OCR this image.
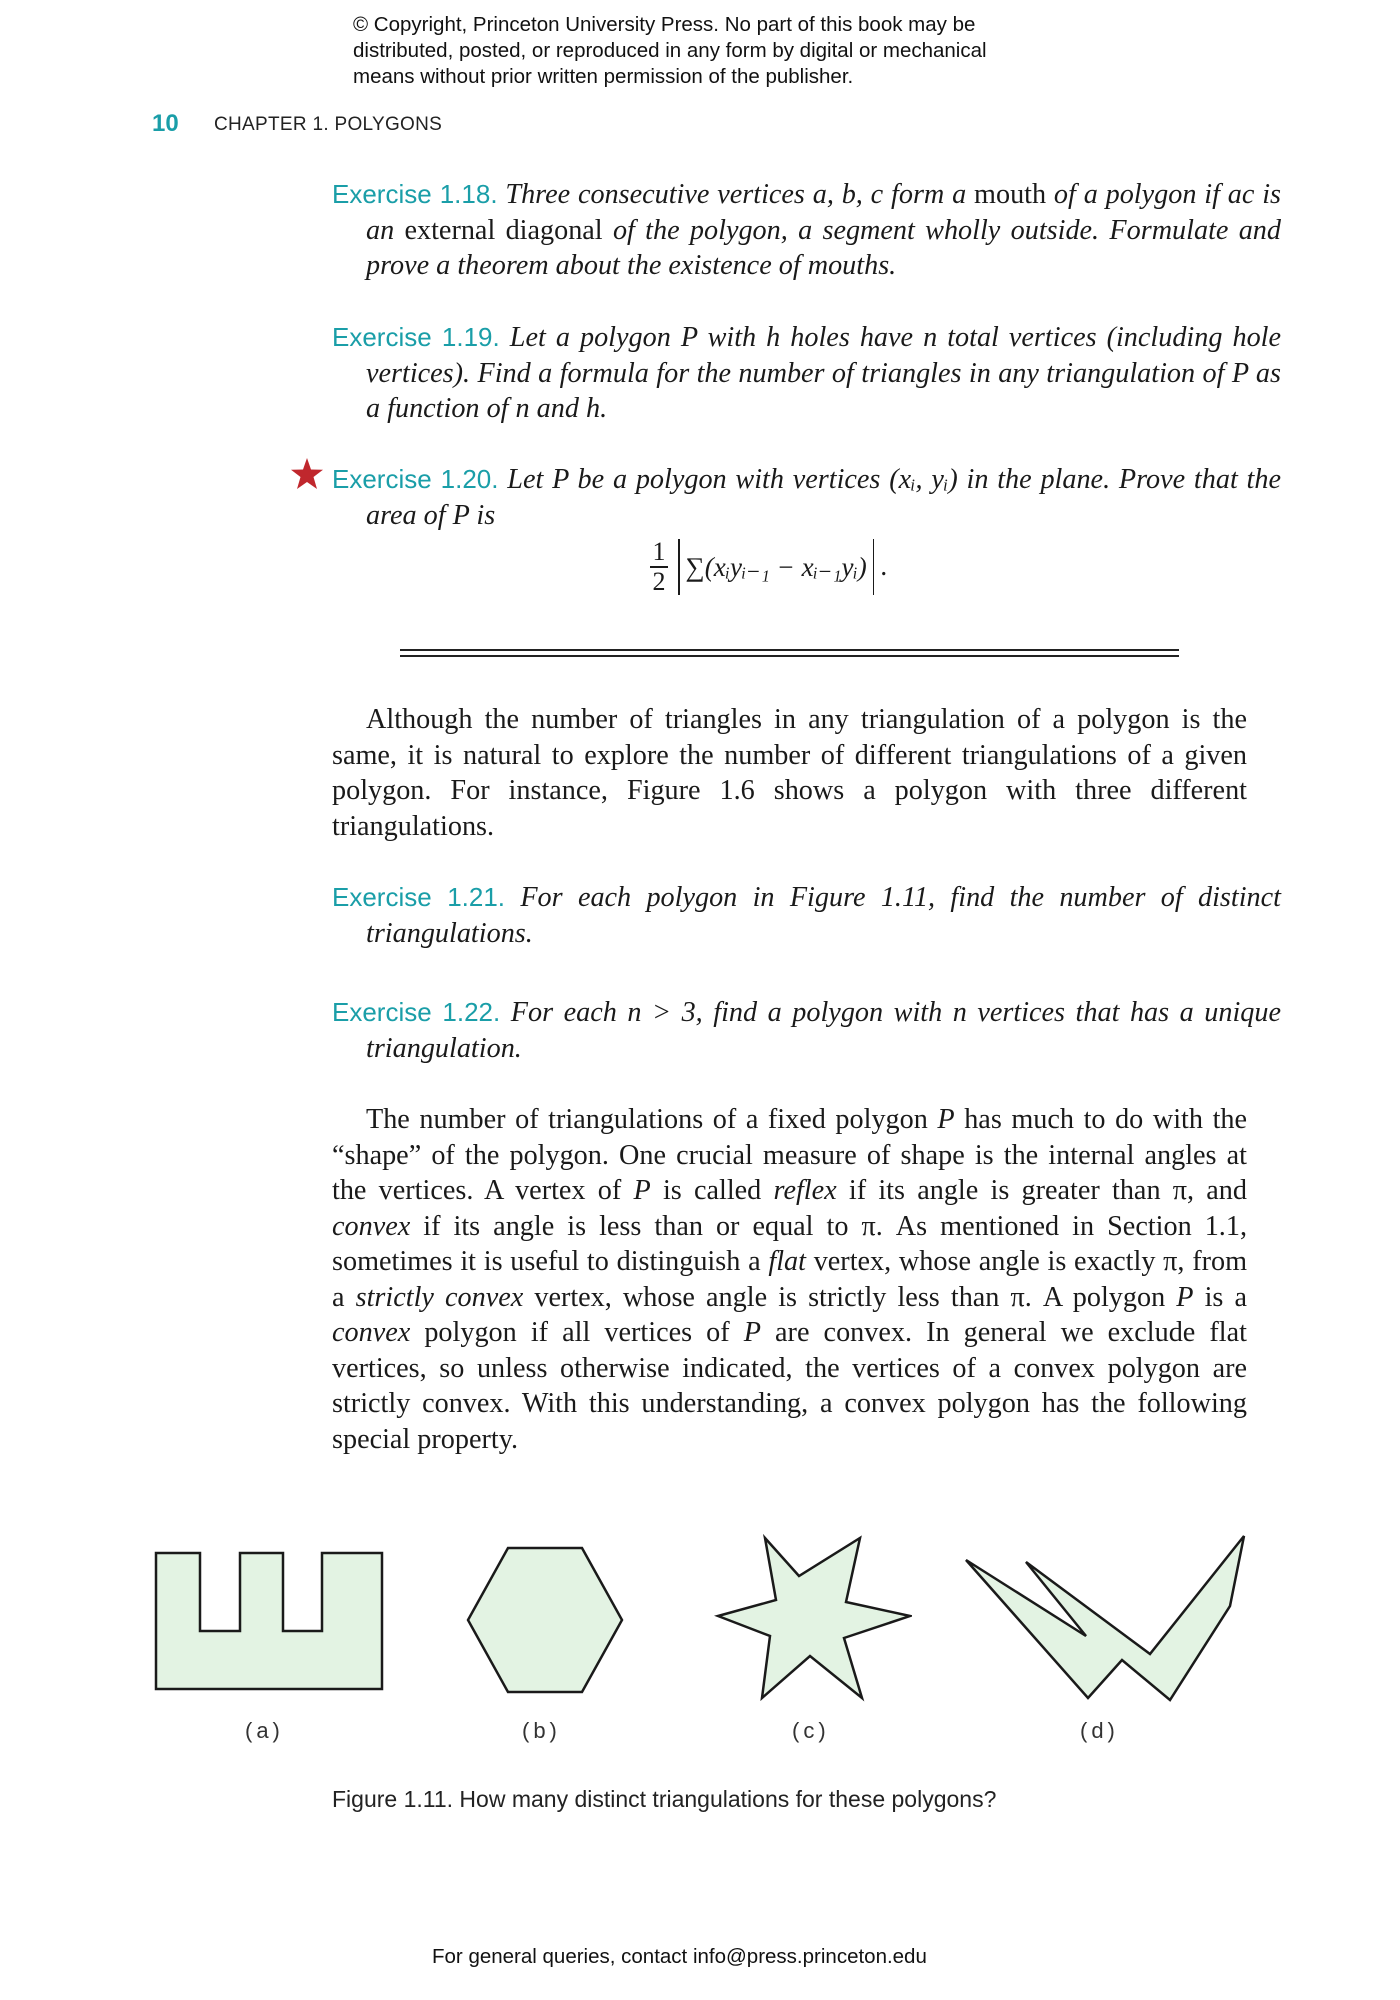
© Copyright, Princeton University Press. No part of this book may be
distributed, posted, or reproduced in any form by digital or mechanical
means without prior written permission of the publisher.
10 CHAPTER 1. POLYGONS
Exercise 1.18. Three consecutive vertices a, b, c form a mouth of a polygon if ac is an external diagonal of the polygon, a segment wholly outside. Formulate and prove a theorem about the existence of mouths.
Exercise 1.19. Let a polygon P with h holes have n total vertices (including hole vertices). Find a formula for the number of triangles in any triangulation of P as a function of n and h.
Exercise 1.20. Let P be a polygon with vertices (xᵢ, yᵢ) in the plane. Prove that the area of P is
1
2 ∑(xᵢyᵢ₋₁ − xᵢ₋₁yᵢ) .
Although the number of triangles in any triangulation of a polygon is the same, it is natural to explore the number of different triangulations of a given polygon. For instance, Figure 1.6 shows a polygon with three different triangulations.
Exercise 1.21. For each polygon in Figure 1.11, find the number of distinct triangulations.
Exercise 1.22. For each n > 3, find a polygon with n vertices that has a unique triangulation.
The number of triangulations of a fixed polygon P has much to do with the “shape” of the polygon. One crucial measure of shape is the internal angles at the vertices. A vertex of P is called reflex if its angle is greater than π, and convex if its angle is less than or equal to π. As mentioned in Section 1.1, sometimes it is useful to distinguish a flat vertex, whose angle is exactly π, from a strictly convex vertex, whose angle is strictly less than π. A polygon P is a convex polygon if all vertices of P are convex. In general we exclude flat vertices, so unless otherwise indicated, the vertices of a convex polygon are strictly convex. With this understanding, a convex polygon has the following special property.
(a)	(b)	(c)	(d)
Figure 1.11. How many distinct triangulations for these polygons?
For general queries, contact info@press.princeton.edu
